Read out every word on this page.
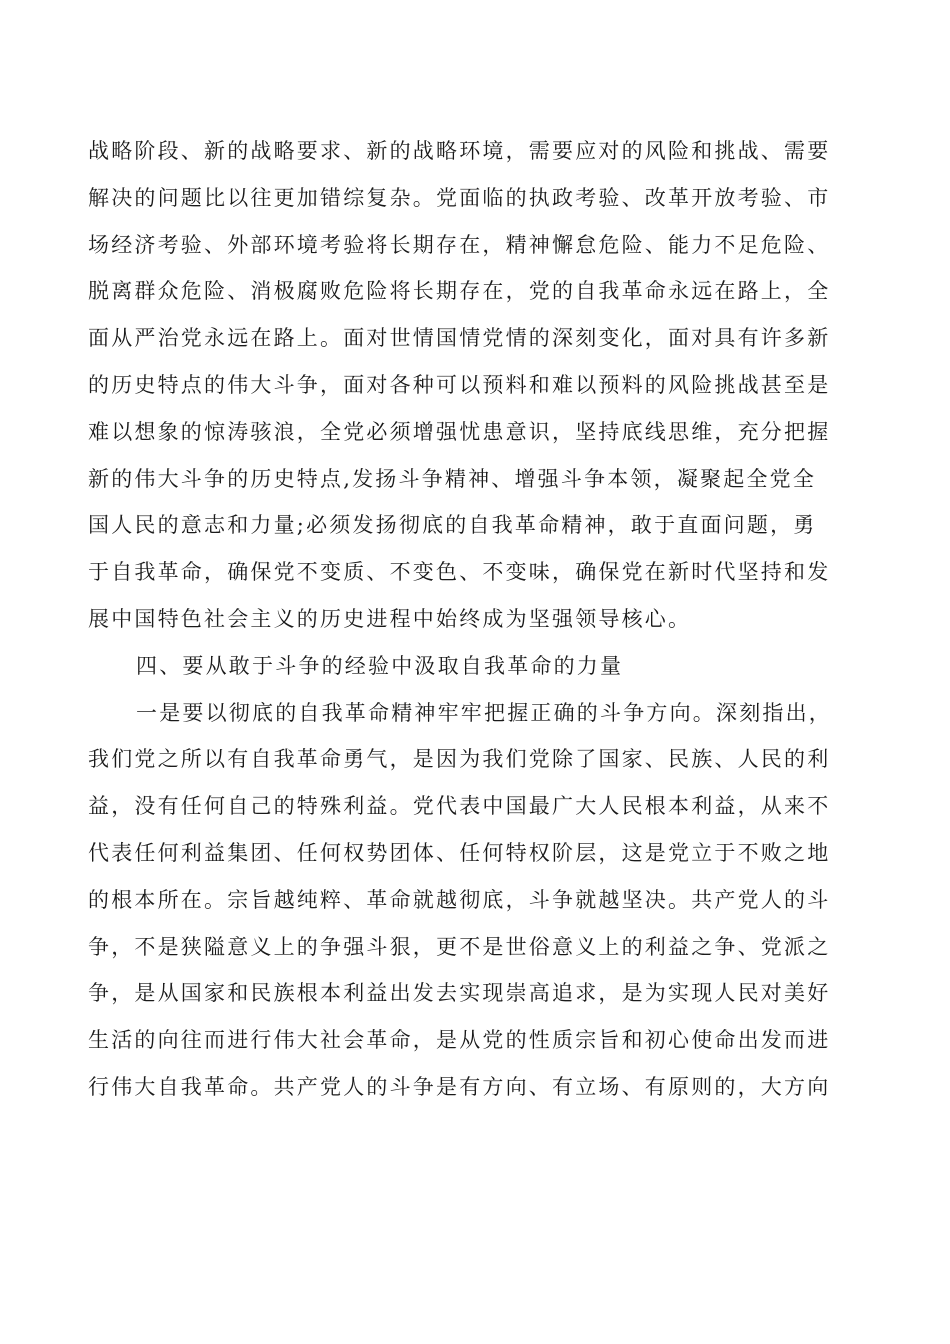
战略阶段、新的战略要求、新的战略环境，需要应对的风险和挑战、需要
解决的问题比以往更加错综复杂。党面临的执政考验、改革开放考验、市
场经济考验、外部环境考验将长期存在，精神懈怠危险、能力不足危险、
脱离群众危险、消极腐败危险将长期存在，党的自我革命永远在路上，全
面从严治党永远在路上。面对世情国情党情的深刻变化，面对具有许多新
的历史特点的伟大斗争，面对各种可以预料和难以预料的风险挑战甚至是
难以想象的惊涛骇浪，全党必须增强忧患意识，坚持底线思维，充分把握
新的伟大斗争的历史特点,发扬斗争精神、增强斗争本领，凝聚起全党全
国人民的意志和力量;必须发扬彻底的自我革命精神，敢于直面问题，勇
于自我革命，确保党不变质、不变色、不变味，确保党在新时代坚持和发
展中国特色社会主义的历史进程中始终成为坚强领导核心。
四、要从敢于斗争的经验中汲取自我革命的力量
一是要以彻底的自我革命精神牢牢把握正确的斗争方向。深刻指出，
我们党之所以有自我革命勇气，是因为我们党除了国家、民族、人民的利
益，没有任何自己的特殊利益。党代表中国最广大人民根本利益，从来不
代表任何利益集团、任何权势团体、任何特权阶层，这是党立于不败之地
的根本所在。宗旨越纯粹、革命就越彻底，斗争就越坚决。共产党人的斗
争，不是狭隘意义上的争强斗狠，更不是世俗意义上的利益之争、党派之
争，是从国家和民族根本利益出发去实现崇高追求，是为实现人民对美好
生活的向往而进行伟大社会革命，是从党的性质宗旨和初心使命出发而进
行伟大自我革命。共产党人的斗争是有方向、有立场、有原则的，大方向
